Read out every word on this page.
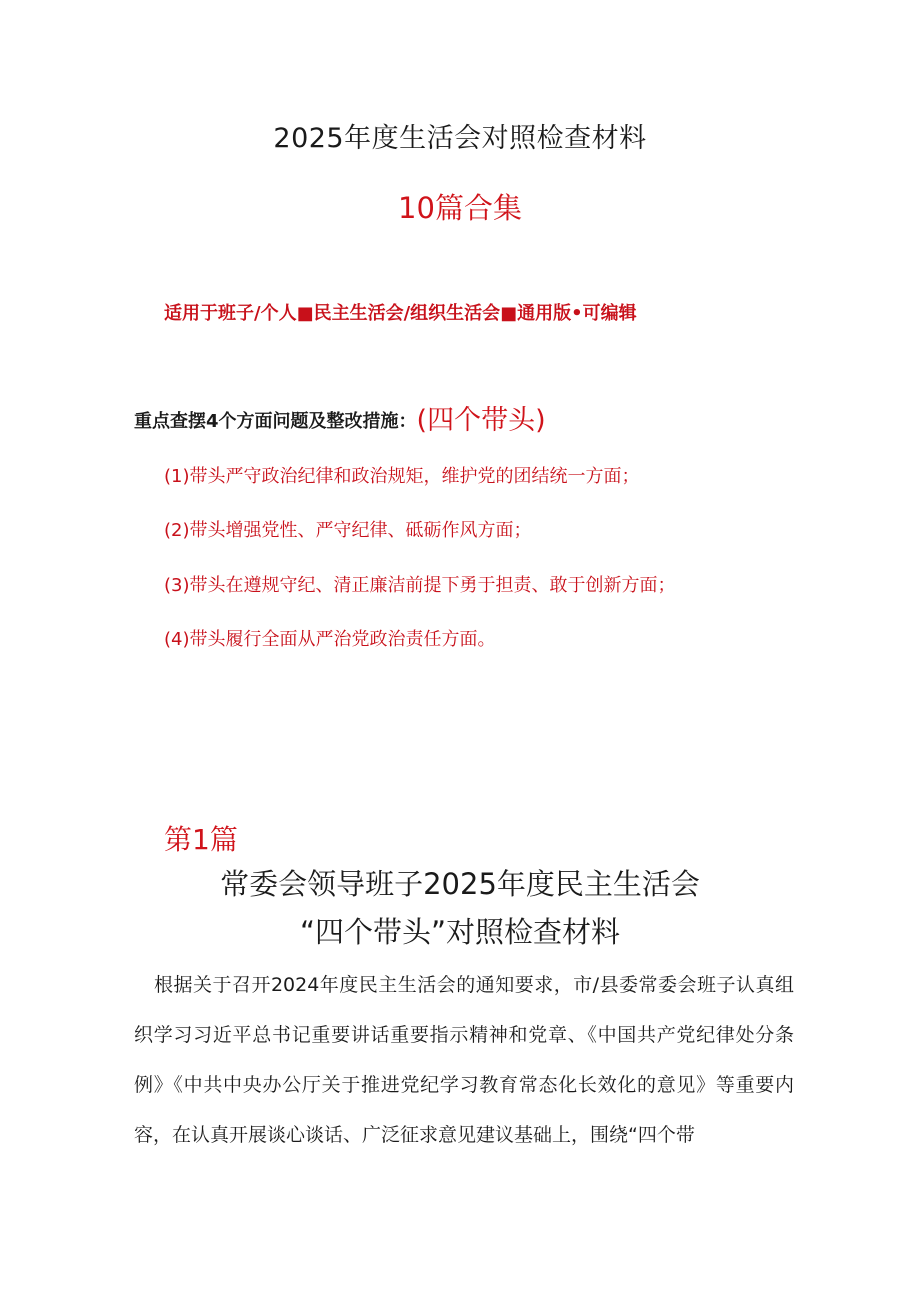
2025年度生活会对照检查材料
10篇合集
适用于班子/个人■民主生活会/组织生活会■通用版•可编辑
重点查摆4个方面问题及整改措施：(四个带头)
(1)带头严守政治纪律和政治规矩，维护党的团结统一方面；
(2)带头增强党性、严守纪律、砥砺作风方面；
(3)带头在遵规守纪、清正廉洁前提下勇于担责、敢于创新方面；
(4)带头履行全面从严治党政治责任方面。
第1篇
常委会领导班子2025年度民主生活会
“四个带头”对照检查材料
根据关于召开2024年度民主生活会的通知要求，市/县委常委会班子认真组织学习习近平总书记重要讲话重要指示精神和党章、《中国共产党纪律处分条例》《中共中央办公厅关于推进党纪学习教育常态化长效化的意见》等重要内容，在认真开展谈心谈话、广泛征求意见建议基础上，围绕“四个带
